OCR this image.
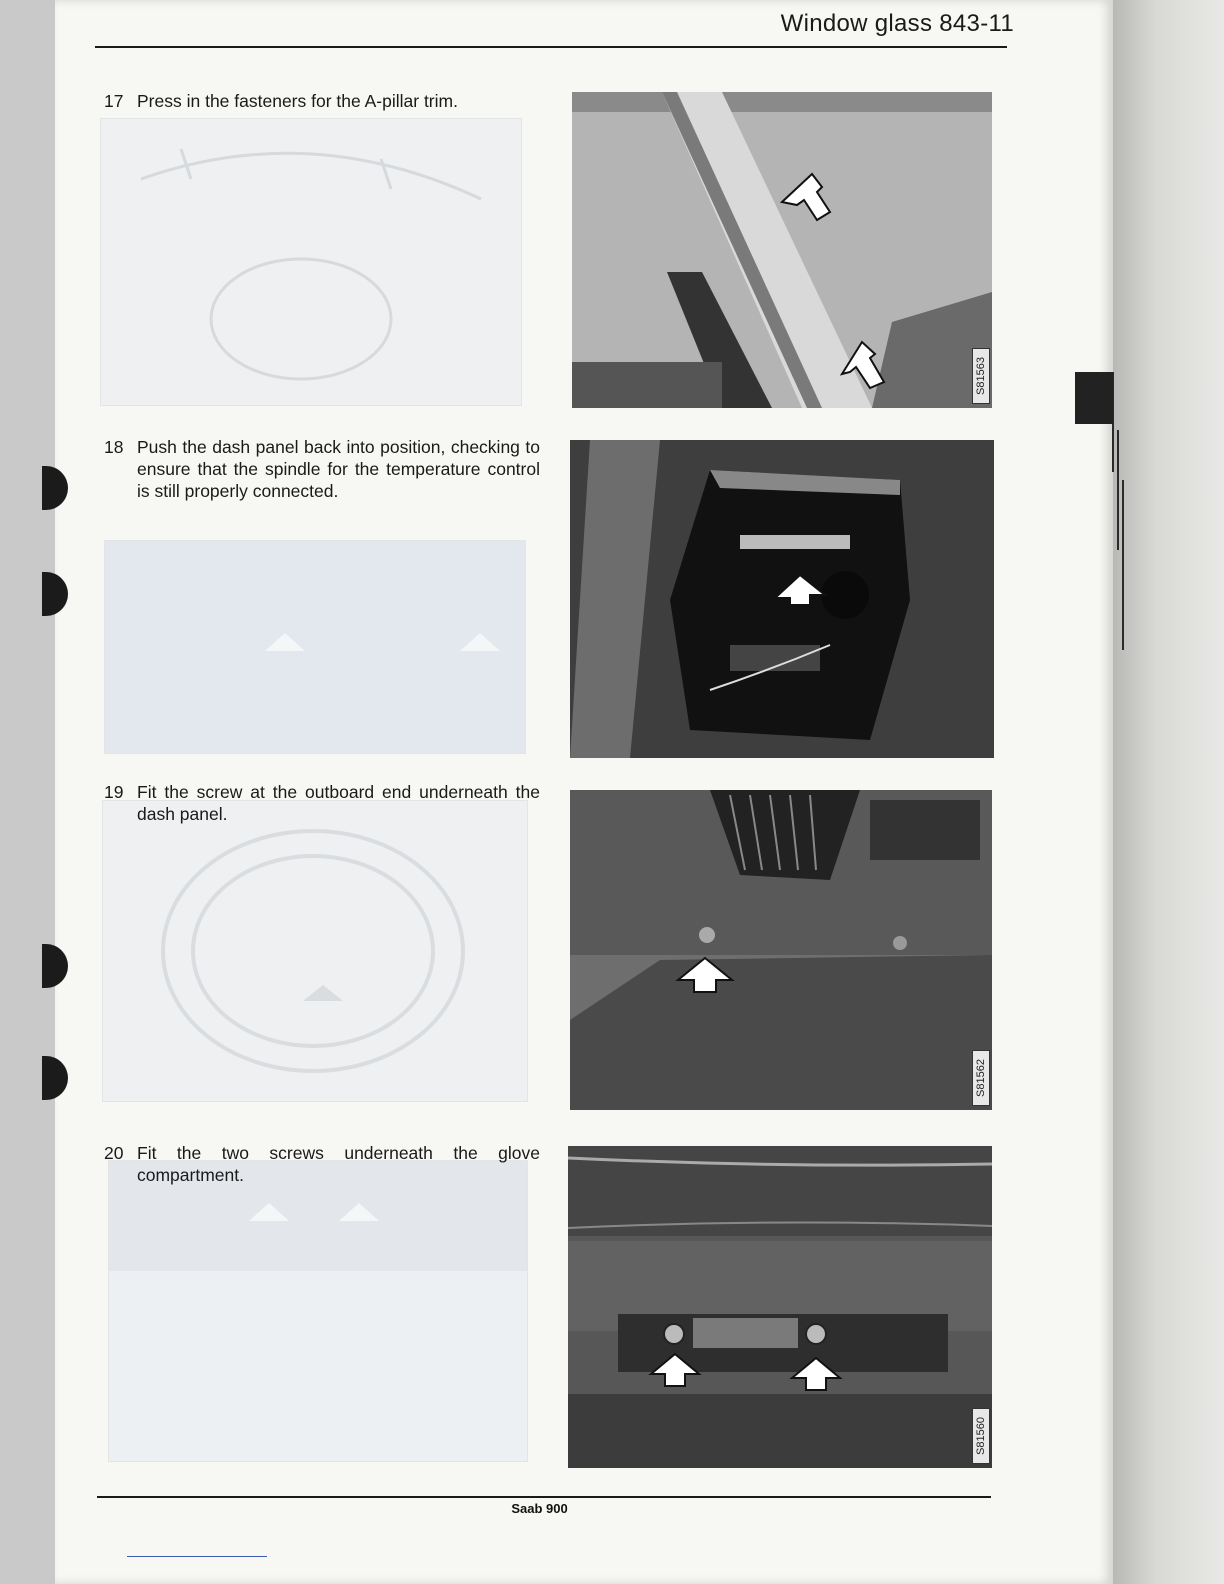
Window glass 843-11
17 Press in the fasteners for the A-pillar trim.
S81563
18 Push the dash panel back into position, checking to ensure that the spindle for the temperature control is still properly connected.
19 Fit the screw at the outboard end underneath the dash panel.
S81562
20 Fit the two screws underneath the glove compartment.
S81560
Saab 900
